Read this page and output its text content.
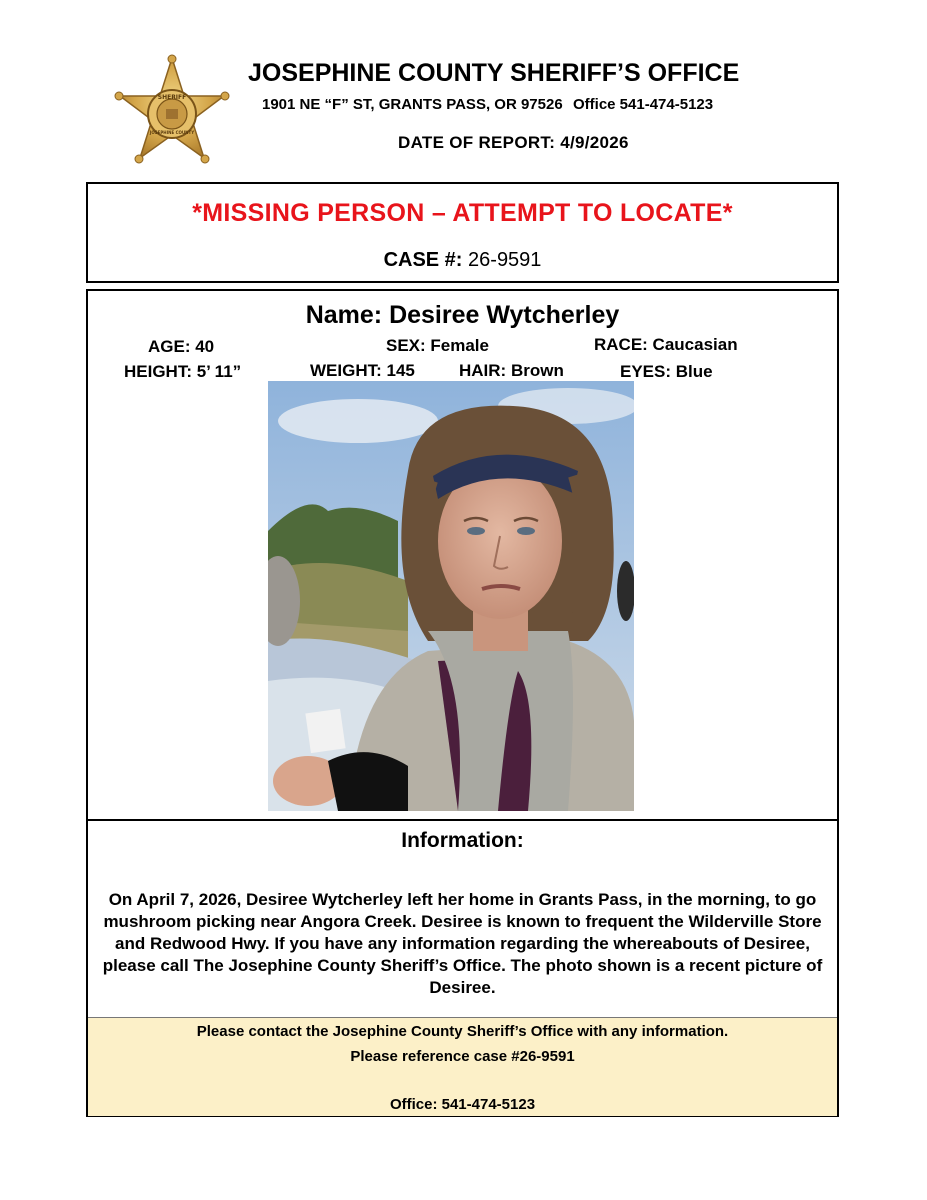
SHERIFF
JOSEPHINE COUNTY
JOSEPHINE COUNTY SHERIFF’S OFFICE
1901 NE “F” ST, GRANTS PASS, OR 97526 Office 541-474-5123
DATE OF REPORT: 4/9/2026
*MISSING PERSON – ATTEMPT TO LOCATE*
CASE #: 26-9591
Name: Desiree Wytcherley
AGE: 40	SEX: Female	RACE: Caucasian
HEIGHT: 5’ 11”	WEIGHT: 145	HAIR: Brown	EYES: Blue
Information:
On April 7, 2026, Desiree Wytcherley left her home in Grants Pass, in the morning, to go mushroom picking near Angora Creek. Desiree is known to frequent the Wilderville Store and Redwood Hwy. If you have any information regarding the whereabouts of Desiree, please call The Josephine County Sheriff’s Office. The photo shown is a recent picture of Desiree.
Please contact the Josephine County Sheriff’s Office with any information.
Please reference case #26-9591
Office: 541-474-5123
